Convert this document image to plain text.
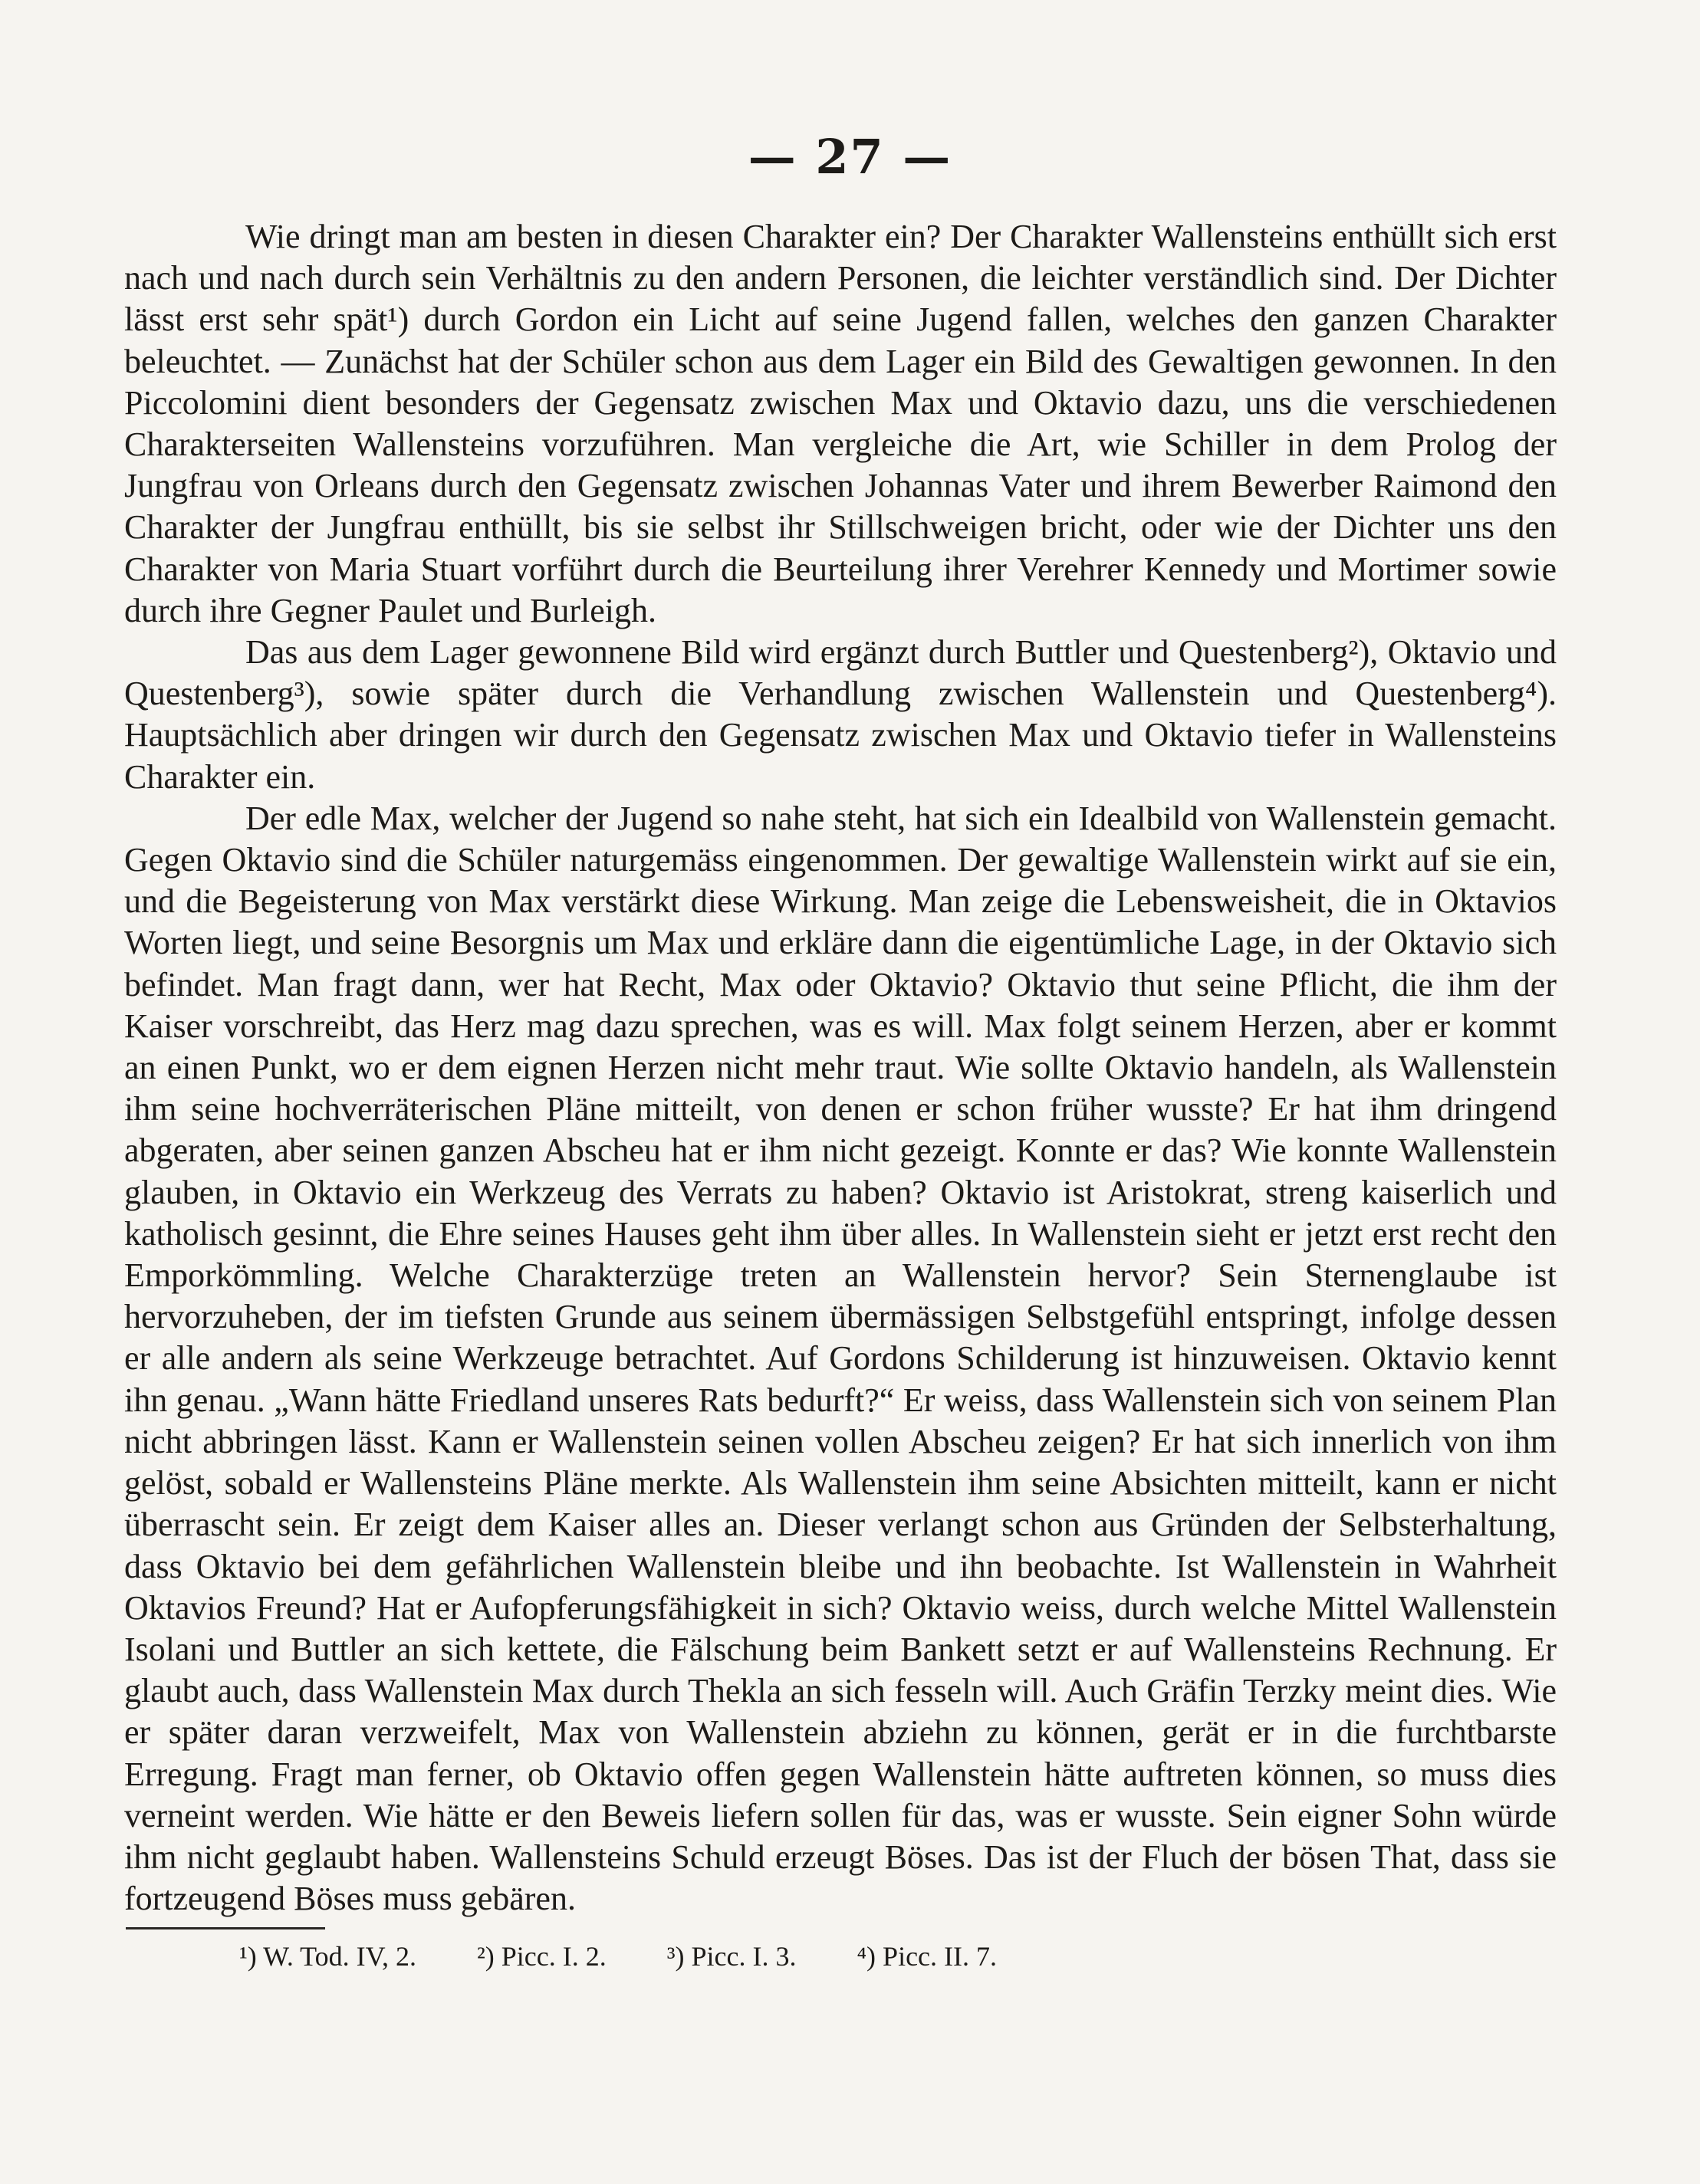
— 27 —

Wie dringt man am besten in diesen Charakter ein? Der Charakter Wallensteins enthüllt sich erst nach und nach durch sein Verhältnis zu den andern Personen, die leichter verständlich sind. Der Dichter lässt erst sehr spät¹) durch Gordon ein Licht auf seine Jugend fallen, welches den ganzen Charakter beleuchtet. — Zunächst hat der Schüler schon aus dem Lager ein Bild des Gewaltigen gewonnen. In den Piccolomini dient besonders der Gegensatz zwischen Max und Oktavio dazu, uns die verschiedenen Charakterseiten Wallensteins vorzuführen. Man vergleiche die Art, wie Schiller in dem Prolog der Jungfrau von Orleans durch den Gegensatz zwischen Johannas Vater und ihrem Bewerber Raimond den Charakter der Jungfrau enthüllt, bis sie selbst ihr Stillschweigen bricht, oder wie der Dichter uns den Charakter von Maria Stuart vorführt durch die Beurteilung ihrer Verehrer Kennedy und Mortimer sowie durch ihre Gegner Paulet und Burleigh.

Das aus dem Lager gewonnene Bild wird ergänzt durch Buttler und Questenberg²), Oktavio und Questenberg³), sowie später durch die Verhandlung zwischen Wallenstein und Questenberg⁴). Hauptsächlich aber dringen wir durch den Gegensatz zwischen Max und Oktavio tiefer in Wallensteins Charakter ein.

Der edle Max, welcher der Jugend so nahe steht, hat sich ein Idealbild von Wallenstein gemacht. Gegen Oktavio sind die Schüler naturgemäss eingenommen. Der gewaltige Wallenstein wirkt auf sie ein, und die Begeisterung von Max verstärkt diese Wirkung. Man zeige die Lebensweisheit, die in Oktavios Worten liegt, und seine Besorgnis um Max und erkläre dann die eigentümliche Lage, in der Oktavio sich befindet. Man fragt dann, wer hat Recht, Max oder Oktavio? Oktavio thut seine Pflicht, die ihm der Kaiser vorschreibt, das Herz mag dazu sprechen, was es will. Max folgt seinem Herzen, aber er kommt an einen Punkt, wo er dem eignen Herzen nicht mehr traut. Wie sollte Oktavio handeln, als Wallenstein ihm seine hochverräterischen Pläne mitteilt, von denen er schon früher wusste? Er hat ihm dringend abgeraten, aber seinen ganzen Abscheu hat er ihm nicht gezeigt. Konnte er das? Wie konnte Wallenstein glauben, in Oktavio ein Werkzeug des Verrats zu haben? Oktavio ist Aristokrat, streng kaiserlich und katholisch gesinnt, die Ehre seines Hauses geht ihm über alles. In Wallenstein sieht er jetzt erst recht den Emporkömmling. Welche Charakterzüge treten an Wallenstein hervor? Sein Sternenglaube ist hervorzuheben, der im tiefsten Grunde aus seinem übermässigen Selbstgefühl entspringt, infolge dessen er alle andern als seine Werkzeuge betrachtet. Auf Gordons Schilderung ist hinzuweisen. Oktavio kennt ihn genau. „Wann hätte Friedland unseres Rats bedurft?“ Er weiss, dass Wallenstein sich von seinem Plan nicht abbringen lässt. Kann er Wallenstein seinen vollen Abscheu zeigen? Er hat sich innerlich von ihm gelöst, sobald er Wallensteins Pläne merkte. Als Wallenstein ihm seine Absichten mitteilt, kann er nicht überrascht sein. Er zeigt dem Kaiser alles an. Dieser verlangt schon aus Gründen der Selbsterhaltung, dass Oktavio bei dem gefährlichen Wallenstein bleibe und ihn beobachte. Ist Wallenstein in Wahrheit Oktavios Freund? Hat er Aufopferungsfähigkeit in sich? Oktavio weiss, durch welche Mittel Wallenstein Isolani und Buttler an sich kettete, die Fälschung beim Bankett setzt er auf Wallensteins Rechnung. Er glaubt auch, dass Wallenstein Max durch Thekla an sich fesseln will. Auch Gräfin Terzky meint dies. Wie er später daran verzweifelt, Max von Wallenstein abziehn zu können, gerät er in die furchtbarste Erregung. Fragt man ferner, ob Oktavio offen gegen Wallenstein hätte auftreten können, so muss dies verneint werden. Wie hätte er den Beweis liefern sollen für das, was er wusste. Sein eigner Sohn würde ihm nicht geglaubt haben. Wallensteins Schuld erzeugt Böses. Das ist der Fluch der bösen That, dass sie fortzeugend Böses muss gebären.

¹) W. Tod. IV, 2. ²) Picc. I. 2. ³) Picc. I. 3. ⁴) Picc. II. 7.
